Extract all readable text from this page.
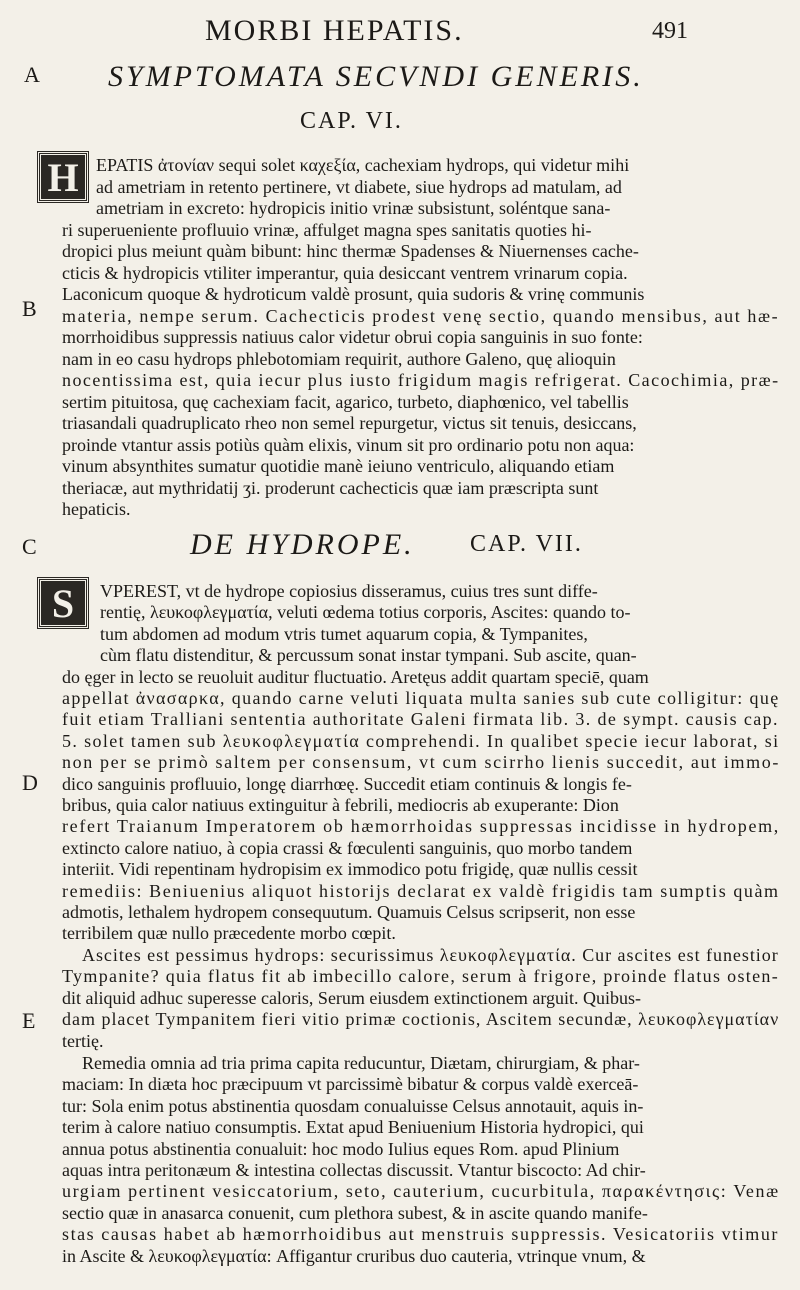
MORBI HEPATIS.	491
A
B
C
D
E
SYMPTOMATA SECVNDI GENERIS.
CAP. VI.
H EPATIS ἀτονίαν sequi solet καχεξία, cachexiam hydrops, qui videtur mihi
ad ametriam in retento pertinere, vt diabete, siue hydrops ad matulam, ad
ametriam in excreto: hydropicis initio vrinæ subsistunt, soléntque sana-
ri superueniente profluuio vrinæ, affulget magna spes sanitatis quoties hi-
dropici plus meiunt quàm bibunt: hinc thermæ Spadenses & Niuernenses cache-
cticis & hydropicis vtiliter imperantur, quia desiccant ventrem vrinarum copia.
Laconicum quoque & hydroticum valdè prosunt, quia sudoris & vrinę communis
materia, nempe serum. Cachecticis prodest venę sectio, quando mensibus, aut hæ-
morrhoidibus suppressis natiuus calor videtur obrui copia sanguinis in suo fonte:
nam in eo casu hydrops phlebotomiam requirit, authore Galeno, quę alioquin
nocentissima est, quia iecur plus iusto frigidum magis refrigerat. Cacochimia, præ-
sertim pituitosa, quę cachexiam facit, agarico, turbeto, diaphœnico, vel tabellis
triasandali quadruplicato rheo non semel repurgetur, victus sit tenuis, desiccans,
proinde vtantur assis potiùs quàm elixis, vinum sit pro ordinario potu non aqua:
vinum absynthites sumatur quotidie manè ieiuno ventriculo, aliquando etiam
theriacæ, aut mythridatij ʒi. proderunt cachecticis quæ iam præscripta sunt
hepaticis.
DE HYDROPE. CAP. VII.
S	VPEREST, vt de hydrope copiosius disseramus, cuius tres sunt diffe-
rentię, λευκοφλεγματία, veluti œdema totius corporis, Ascites: quando to-
tum abdomen ad modum vtris tumet aquarum copia, & Tympanites,
cùm flatu distenditur, & percussum sonat instar tympani. Sub ascite, quan-
do ęger in lecto se reuoluit auditur fluctuatio. Aretęus addit quartam speciē, quam
appellat ἀνασαρκα, quando carne veluti liquata multa sanies sub cute colligitur: quę
fuit etiam Tralliani sententia authoritate Galeni firmata lib. 3. de sympt. causis cap.
5. solet tamen sub λευκοφλεγματία comprehendi. In qualibet specie iecur laborat, si
non per se primò saltem per consensum, vt cum scirrho lienis succedit, aut immo-
dico sanguinis profluuio, longę diarrhœę. Succedit etiam continuis & longis fe-
bribus, quia calor natiuus extinguitur à febrili, mediocris ab exuperante: Dion
refert Traianum Imperatorem ob hæmorrhoidas suppressas incidisse in hydropem,
extincto calore natiuo, à copia crassi & fœculenti sanguinis, quo morbo tandem
interiit. Vidi repentinam hydropisim ex immodico potu frigidę, quæ nullis cessit
remediis: Beniuenius aliquot historijs declarat ex valdè frigidis tam sumptis quàm
admotis, lethalem hydropem consequutum. Quamuis Celsus scripserit, non esse
terribilem quæ nullo præcedente morbo cœpit.
Ascites est pessimus hydrops: securissimus λευκοφλεγματία. Cur ascites est funestior
Tympanite? quia flatus fit ab imbecillo calore, serum à frigore, proinde flatus osten-
dit aliquid adhuc superesse caloris, Serum eiusdem extinctionem arguit. Quibus-
dam placet Tympanitem fieri vitio primæ coctionis, Ascitem secundæ, λευκοφλεγματίαν
tertię.
Remedia omnia ad tria prima capita reducuntur, Diætam, chirurgiam, & phar-
maciam: In diæta hoc præcipuum vt parcissimè bibatur & corpus valdè exerceā-
tur: Sola enim potus abstinentia quosdam conualuisse Celsus annotauit, aquis in-
terim à calore natiuo consumptis. Extat apud Beniuenium Historia hydropici, qui
annua potus abstinentia conualuit: hoc modo Iulius eques Rom. apud Plinium
aquas intra peritonæum & intestina collectas discussit. Vtantur biscocto: Ad chir-
urgiam pertinent vesiccatorium, seto, cauterium, cucurbitula, παρακέντησις: Venæ
sectio quæ in anasarca conuenit, cum plethora subest, & in ascite quando manife-
stas causas habet ab hæmorrhoidibus aut menstruis suppressis. Vesicatoriis vtimur
in Ascite & λευκοφλεγματία: Affigantur cruribus duo cauteria, vtrinque vnum, &
